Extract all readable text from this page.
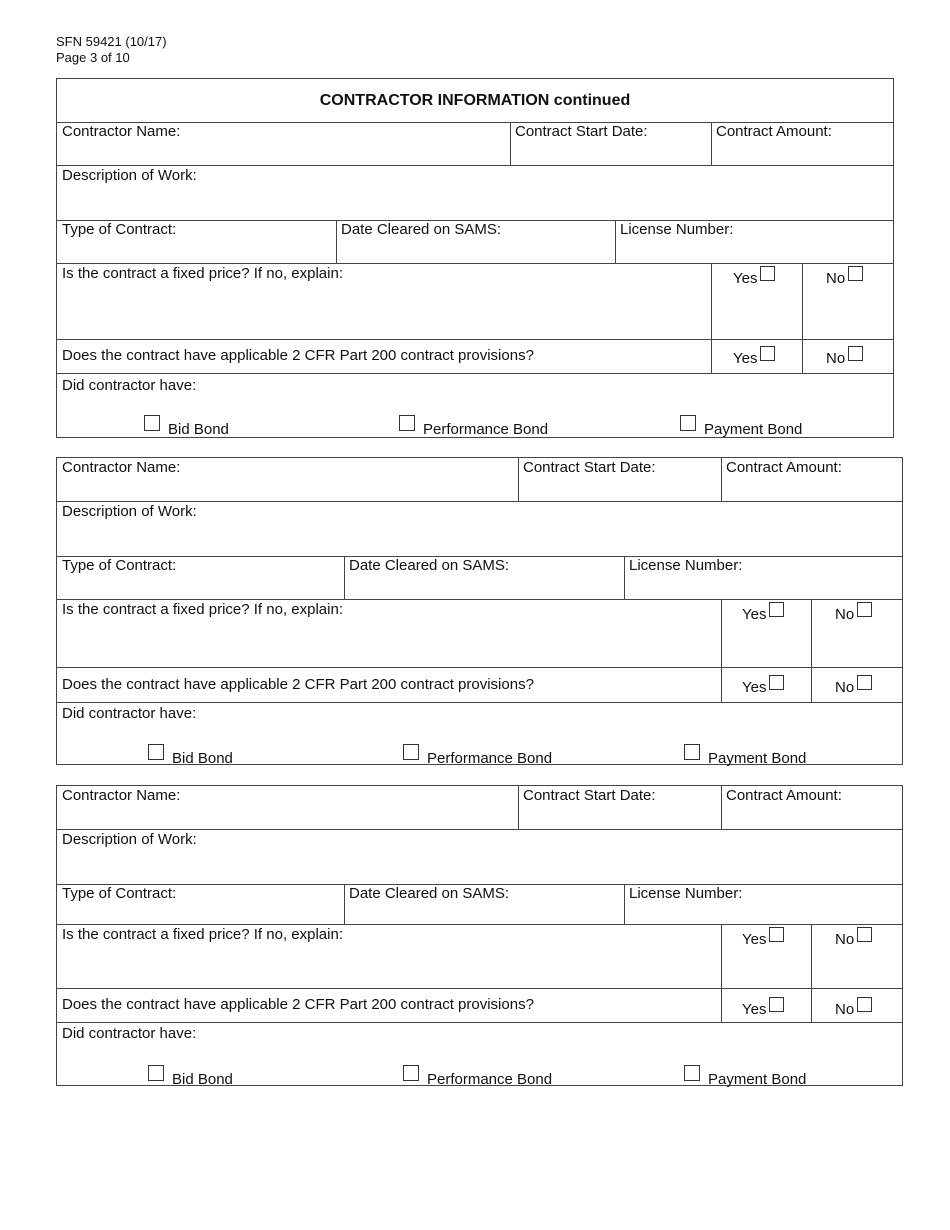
SFN 59421 (10/17)
Page 3 of 10
CONTRACTOR INFORMATION continued
Contractor Name:	Contract Start Date:	Contract Amount:
Description of Work:
Type of Contract:	Date Cleared on SAMS:	License Number:
Is the contract a fixed price? If no, explain:	Yes	No
Does the contract have applicable 2 CFR Part 200 contract provisions?	Yes	No
Did contractor have:
Bid Bond	Performance Bond	Payment Bond
Contractor Name:	Contract Start Date:	Contract Amount:
Description of Work:
Type of Contract:	Date Cleared on SAMS:	License Number:
Is the contract a fixed price? If no, explain:	Yes	No
Does the contract have applicable 2 CFR Part 200 contract provisions?	Yes	No
Did contractor have:
Bid Bond	Performance Bond	Payment Bond
Contractor Name:	Contract Start Date:	Contract Amount:
Description of Work:
Type of Contract:	Date Cleared on SAMS:	License Number:
Is the contract a fixed price? If no, explain:	Yes	No
Does the contract have applicable 2 CFR Part 200 contract provisions?	Yes	No
Did contractor have:
Bid Bond	Performance Bond	Payment Bond
